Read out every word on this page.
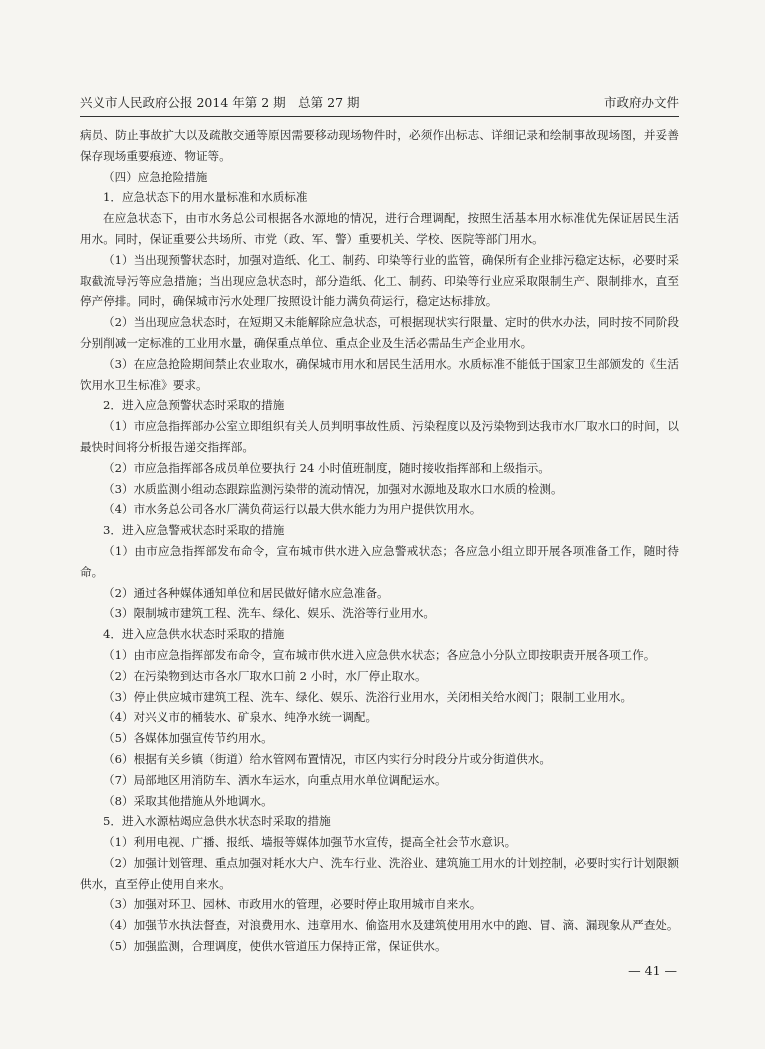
兴义市人民政府公报 2014 年第 2 期　总第 27 期	市政府办文件

病员、防止事故扩大以及疏散交通等原因需要移动现场物件时，必须作出标志、详细记录和绘制事故现场图，并妥善保存现场重要痕迹、物证等。

（四）应急抢险措施

1．应急状态下的用水量标准和水质标准

在应急状态下，由市水务总公司根据各水源地的情况，进行合理调配，按照生活基本用水标准优先保证居民生活用水。同时，保证重要公共场所、市党（政、军、警）重要机关、学校、医院等部门用水。

（1）当出现预警状态时，加强对造纸、化工、制药、印染等行业的监管，确保所有企业排污稳定达标，必要时采取截流导污等应急措施；当出现应急状态时，部分造纸、化工、制药、印染等行业应采取限制生产、限制排水，直至停产停排。同时，确保城市污水处理厂按照设计能力满负荷运行，稳定达标排放。

（2）当出现应急状态时，在短期又未能解除应急状态，可根据现状实行限量、定时的供水办法，同时按不同阶段分别削减一定标准的工业用水量，确保重点单位、重点企业及生活必需品生产企业用水。

（3）在应急抢险期间禁止农业取水，确保城市用水和居民生活用水。水质标准不能低于国家卫生部颁发的《生活饮用水卫生标准》要求。

2．进入应急预警状态时采取的措施

（1）市应急指挥部办公室立即组织有关人员判明事故性质、污染程度以及污染物到达我市水厂取水口的时间，以最快时间将分析报告递交指挥部。

（2）市应急指挥部各成员单位要执行 24 小时值班制度，随时接收指挥部和上级指示。

（3）水质监测小组动态跟踪监测污染带的流动情况，加强对水源地及取水口水质的检测。

（4）市水务总公司各水厂满负荷运行以最大供水能力为用户提供饮用水。

3．进入应急警戒状态时采取的措施

（1）由市应急指挥部发布命令，宣布城市供水进入应急警戒状态；各应急小组立即开展各项准备工作，随时待命。

（2）通过各种媒体通知单位和居民做好储水应急准备。

（3）限制城市建筑工程、洗车、绿化、娱乐、洗浴等行业用水。

4．进入应急供水状态时采取的措施

（1）由市应急指挥部发布命令，宣布城市供水进入应急供水状态；各应急小分队立即按职责开展各项工作。

（2）在污染物到达市各水厂取水口前 2 小时，水厂停止取水。

（3）停止供应城市建筑工程、洗车、绿化、娱乐、洗浴行业用水，关闭相关给水阀门；限制工业用水。

（4）对兴义市的桶装水、矿泉水、纯净水统一调配。

（5）各媒体加强宣传节约用水。

（6）根据有关乡镇（街道）给水管网布置情况，市区内实行分时段分片或分街道供水。

（7）局部地区用消防车、洒水车运水，向重点用水单位调配运水。

（8）采取其他措施从外地调水。

5．进入水源枯竭应急供水状态时采取的措施

（1）利用电视、广播、报纸、墙报等媒体加强节水宣传，提高全社会节水意识。

（2）加强计划管理、重点加强对耗水大户、洗车行业、洗浴业、建筑施工用水的计划控制，必要时实行计划限额供水，直至停止使用自来水。

（3）加强对环卫、园林、市政用水的管理，必要时停止取用城市自来水。

（4）加强节水执法督查，对浪费用水、违章用水、偷盗用水及建筑使用用水中的跑、冒、滴、漏现象从严查处。

（5）加强监测，合理调度，使供水管道压力保持正常，保证供水。

— 41 —
